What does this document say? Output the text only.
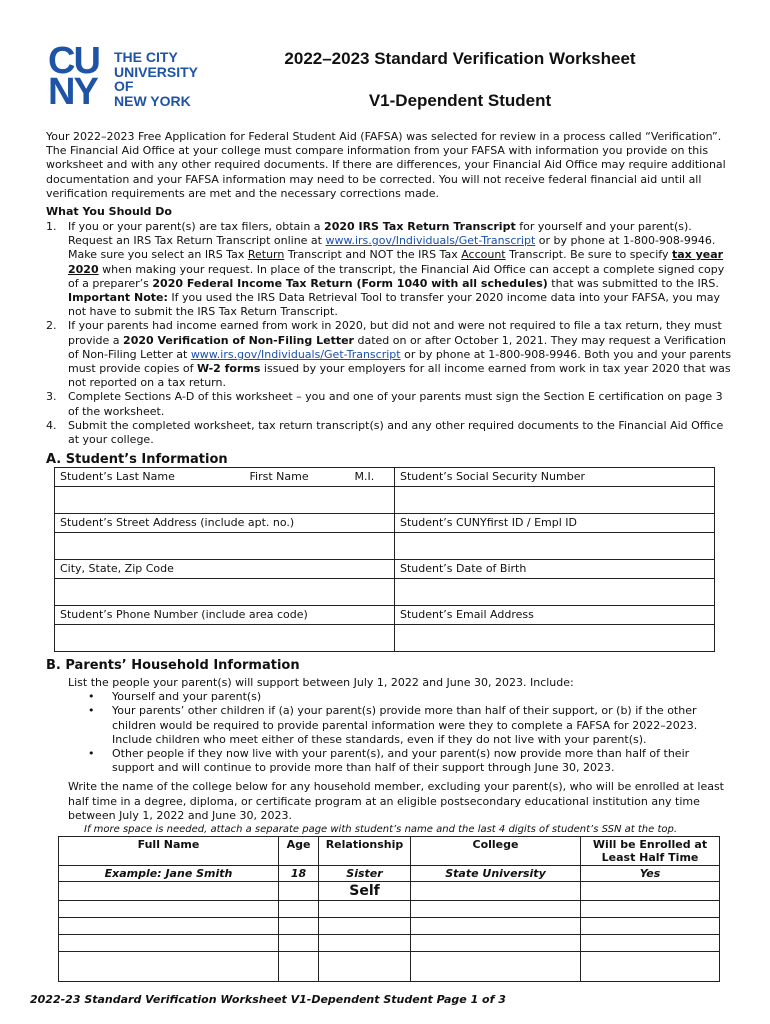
CUNY
THE CITY
UNIVERSITY
OF
NEW YORK
2022–2023 Standard Verification Worksheet
V1-Dependent Student
Your 2022–2023 Free Application for Federal Student Aid (FAFSA) was selected for review in a process called “Verification”. The Financial Aid Office at your college must compare information from your FAFSA with information you provide on this worksheet and with any other required documents. If there are differences, your Financial Aid Office may require additional documentation and your FAFSA information may need to be corrected. You will not receive federal financial aid until all verification requirements are met and the necessary corrections made.
What You Should Do
1. If you or your parent(s) are tax filers, obtain a 2020 IRS Tax Return Transcript for yourself and your parent(s). Request an IRS Tax Return Transcript online at www.irs.gov/Individuals/Get-Transcript or by phone at 1-800-908-9946. Make sure you select an IRS Tax Return Transcript and NOT the IRS Tax Account Transcript. Be sure to specify tax year 2020 when making your request. In place of the transcript, the Financial Aid Office can accept a complete signed copy of a preparer’s 2020 Federal Income Tax Return (Form 1040 with all schedules) that was submitted to the IRS. Important Note: If you used the IRS Data Retrieval Tool to transfer your 2020 income data into your FAFSA, you may not have to submit the IRS Tax Return Transcript.
2. If your parents had income earned from work in 2020, but did not and were not required to file a tax return, they must provide a 2020 Verification of Non-Filing Letter dated on or after October 1, 2021. They may request a Verification of Non-Filing Letter at www.irs.gov/Individuals/Get-Transcript or by phone at 1-800-908-9946. Both you and your parents must provide copies of W-2 forms issued by your employers for all income earned from work in tax year 2020 that was not reported on a tax return.
3. Complete Sections A-D of this worksheet – you and one of your parents must sign the Section E certification on page 3 of the worksheet.
4. Submit the completed worksheet, tax return transcript(s) and any other required documents to the Financial Aid Office at your college.
A. Student’s Information
Student’s Last Name	First Name	M.I.	Student’s Social Security Number

Student’s Street Address (include apt. no.)			Student’s CUNYfirst ID / Empl ID

City, State, Zip Code			Student’s Date of Birth

Student’s Phone Number (include area code)			Student’s Email Address

B. Parents’ Household Information
List the people your parent(s) will support between July 1, 2022 and June 30, 2023. Include:
• Yourself and your parent(s)
• Your parents’ other children if (a) your parent(s) provide more than half of their support, or (b) if the other children would be required to provide parental information were they to complete a FAFSA for 2022–2023. Include children who meet either of these standards, even if they do not live with your parent(s).
• Other people if they now live with your parent(s), and your parent(s) now provide more than half of their support and will continue to provide more than half of their support through June 30, 2023.
Write the name of the college below for any household member, excluding your parent(s), who will be enrolled at least half time in a degree, diploma, or certificate program at an eligible postsecondary educational institution any time between July 1, 2022 and June 30, 2023.
If more space is needed, attach a separate page with student’s name and the last 4 digits of student’s SSN at the top.
Full Name	Age	Relationship	College	Will be Enrolled at Least Half Time
Example: Jane Smith	18	Sister	State University	Yes
		Self		

2022-23 Standard Verification Worksheet V1-Dependent Student Page 1 of 3
